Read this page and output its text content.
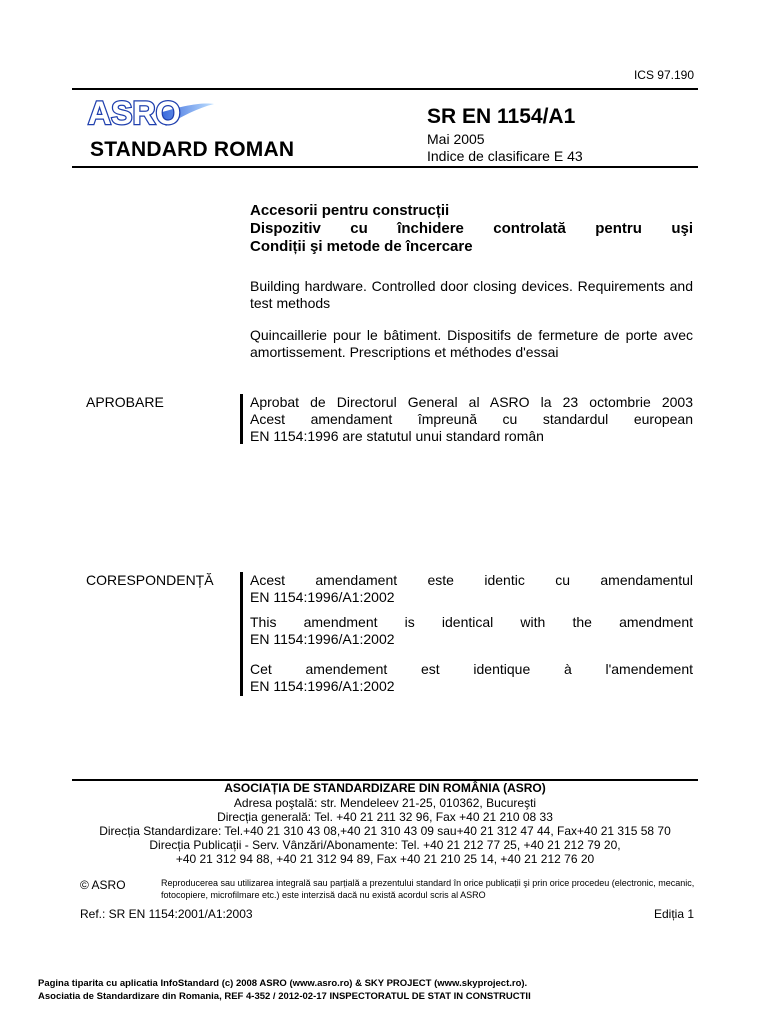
ICS 97.190
ASRO
STANDARD ROMAN
SR EN 1154/A1
Mai 2005
Indice de clasificare E 43
Accesorii pentru construcții
Dispozitiv cu închidere controlată pentru uşi
Condiții şi metode de încercare
Building hardware. Controlled door closing devices. Requirements and test methods
Quincaillerie pour le bâtiment. Dispositifs de fermeture de porte avec amortissement. Prescriptions et méthodes d'essai
APROBARE	Aprobat de Directorul General al ASRO la 23 octombrie 2003
Acest amendament împreună cu standardul european
EN 1154:1996 are statutul unui standard român
CORESPONDENȚĂ	Acest amendament este identic cu amendamentul
EN 1154:1996/A1:2002
This amendment is identical with the amendment
EN 1154:1996/A1:2002
Cet amendement est identique à l'amendement
EN 1154:1996/A1:2002
ASOCIAȚIA DE STANDARDIZARE DIN ROMÂNIA (ASRO)
Adresa poştală: str. Mendeleev 21-25, 010362, Bucureşti
Direcția generală: Tel. +40 21 211 32 96, Fax +40 21 210 08 33
Direcția Standardizare: Tel.+40 21 310 43 08,+40 21 310 43 09 sau+40 21 312 47 44, Fax+40 21 315 58 70
Direcția Publicații - Serv. Vânzări/Abonamente: Tel. +40 21 212 77 25, +40 21 212 79 20,
+40 21 312 94 88, +40 21 312 94 89, Fax +40 21 210 25 14, +40 21 212 76 20
© ASRO	Reproducerea sau utilizarea integrală sau parțială a prezentului standard în orice publicații şi prin orice procedeu (electronic, mecanic, fotocopiere, microfilmare etc.) este interzisă dacă nu există acordul scris al ASRO
Ref.: SR EN 1154:2001/A1:2003	Ediția 1
Pagina tiparita cu aplicatia InfoStandard (c) 2008 ASRO (www.asro.ro) & SKY PROJECT (www.skyproject.ro).
Asociatia de Standardizare din Romania, REF 4-352 / 2012-02-17 INSPECTORATUL DE STAT IN CONSTRUCTII
